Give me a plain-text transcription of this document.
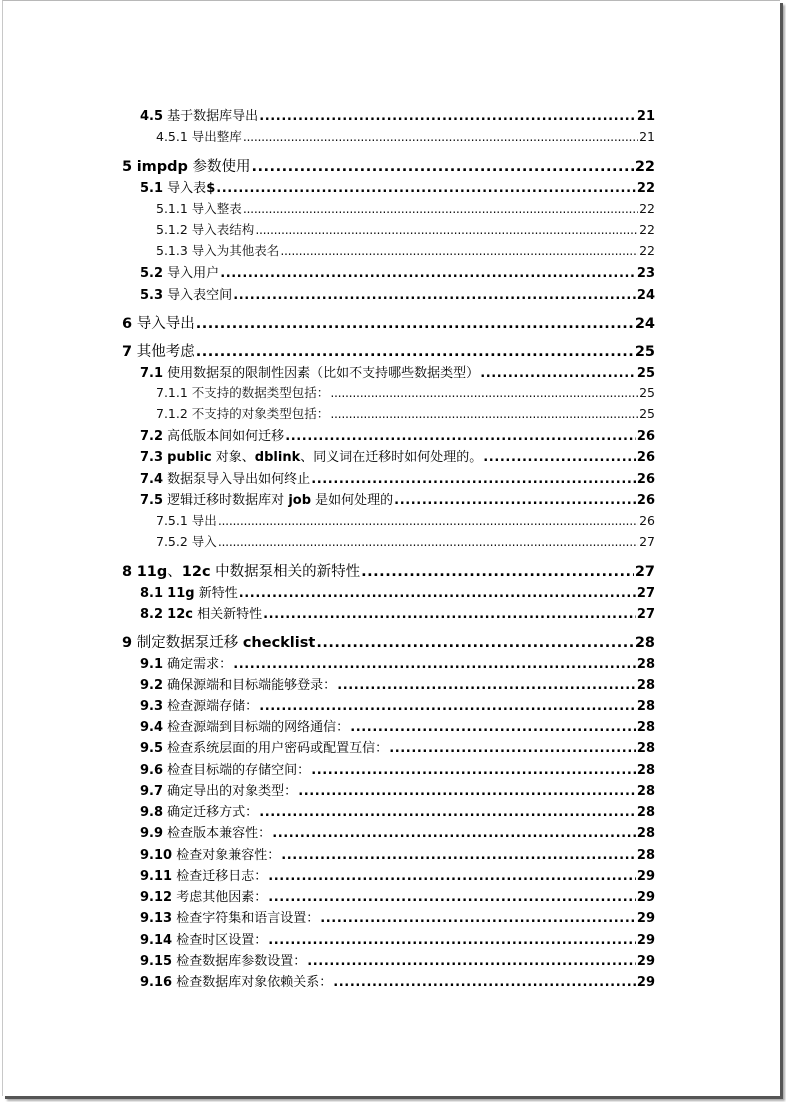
4.5 基于数据库导出 .....	21
4.5.1 导出整库 .....	21
5 impdp 参数使用 .....	22
5.1 导入表$ .....	22
5.1.1 导入整表 .....	22
5.1.2 导入表结构 .....	22
5.1.3 导入为其他表名 .....	22
5.2 导入用户 .....	23
5.3 导入表空间 .....	24
6 导入导出 .....	24
7 其他考虑 .....	25
7.1 使用数据泵的限制性因素（比如不支持哪些数据类型） .....	25
7.1.1 不支持的数据类型包括： .....	25
7.1.2 不支持的对象类型包括： .....	25
7.2 高低版本间如何迁移 .....	26
7.3 public 对象、dblink、同义词在迁移时如何处理的。 .....	26
7.4 数据泵导入导出如何终止 .....	26
7.5 逻辑迁移时数据库对 job 是如何处理的 .....	26
7.5.1 导出 .....	26
7.5.2 导入 .....	27
8 11g、12c 中数据泵相关的新特性 .....	27
8.1 11g 新特性 .....	27
8.2 12c 相关新特性 .....	27
9 制定数据泵迁移 checklist .....	28
9.1 确定需求： .....	28
9.2 确保源端和目标端能够登录： .....	28
9.3 检查源端存储： .....	28
9.4 检查源端到目标端的网络通信： .....	28
9.5 检查系统层面的用户密码或配置互信： .....	28
9.6 检查目标端的存储空间： .....	28
9.7 确定导出的对象类型： .....	28
9.8 确定迁移方式： .....	28
9.9 检查版本兼容性： .....	28
9.10 检查对象兼容性： .....	28
9.11 检查迁移日志： .....	29
9.12 考虑其他因素： .....	29
9.13 检查字符集和语言设置： .....	29
9.14 检查时区设置： .....	29
9.15 检查数据库参数设置： .....	29
9.16 检查数据库对象依赖关系： .....	29
